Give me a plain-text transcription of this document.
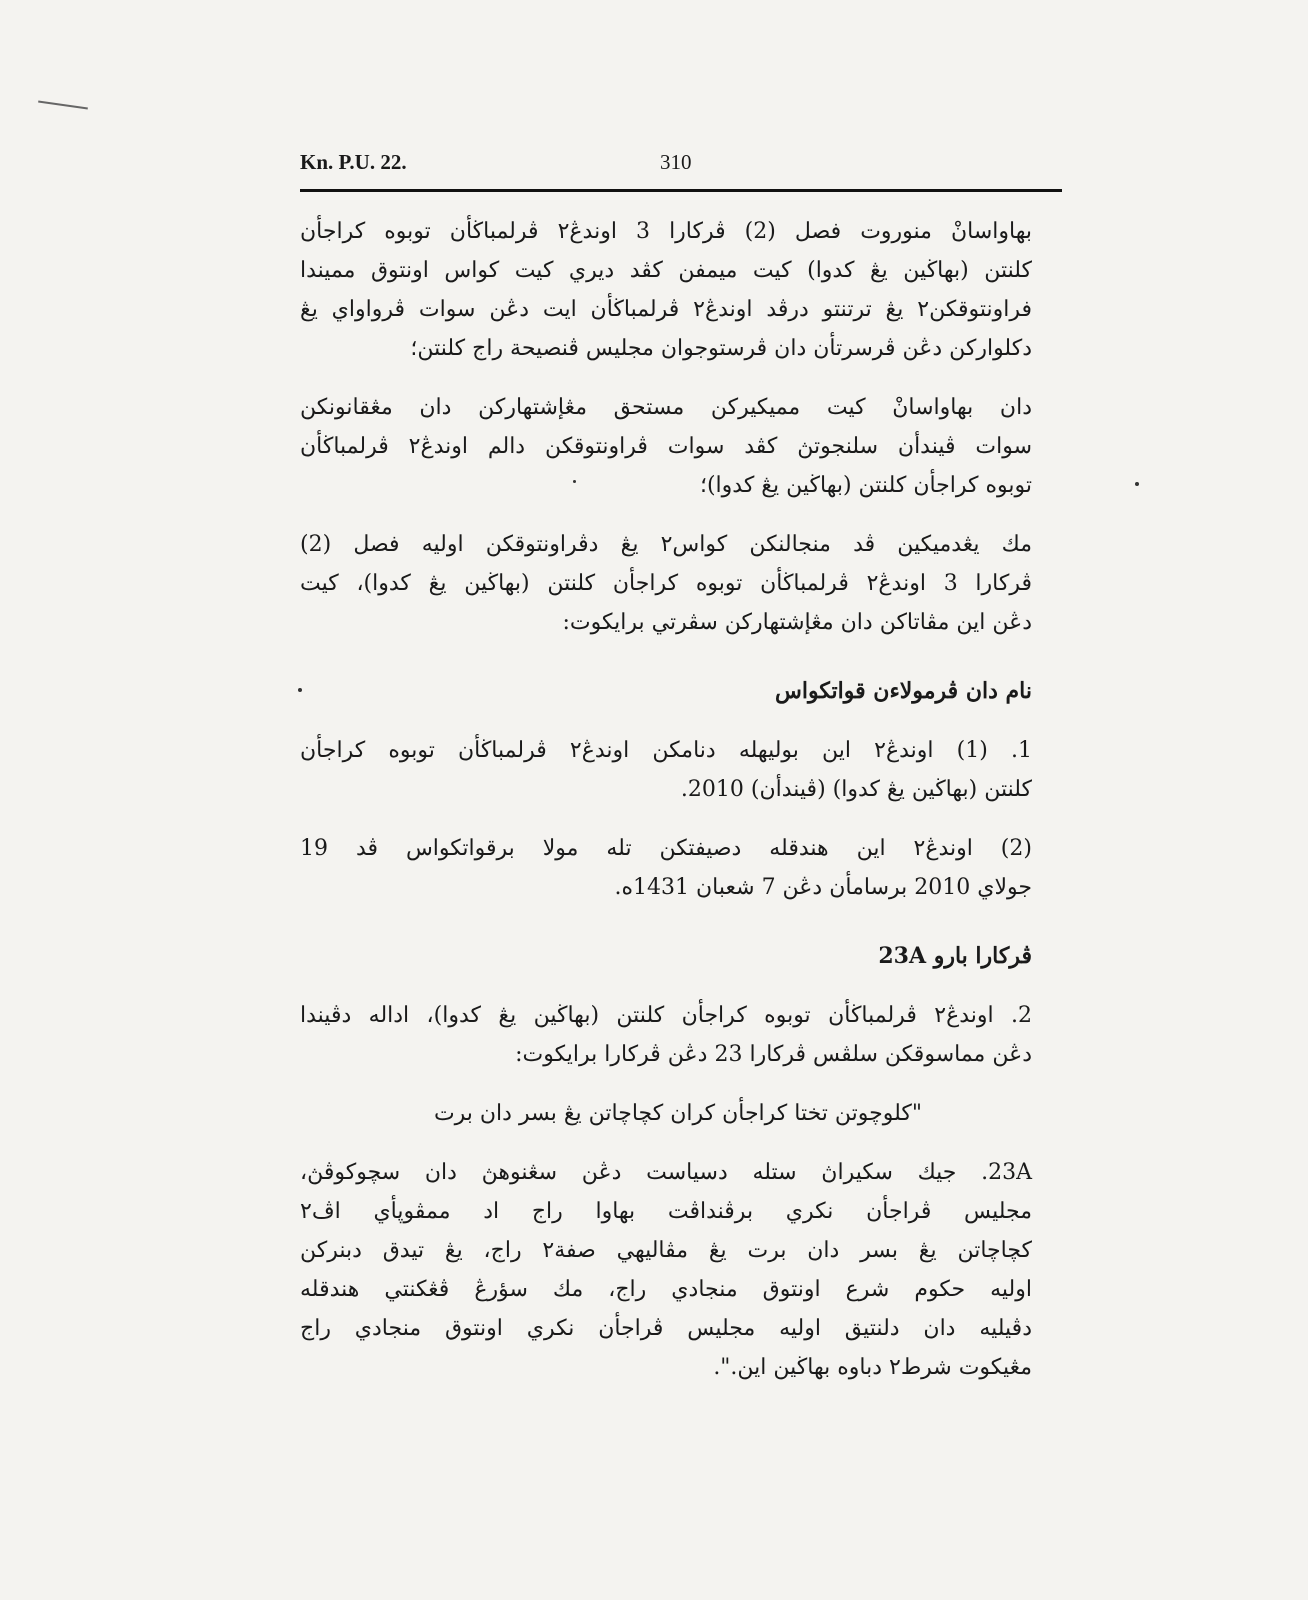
Kn. P.U. 22.	310

بهاواسانْ منوروت فصل (2) ڤركارا 3 اوندڠ٢ ڤرلمباڬأن توبوه كراجأن
كلنتن (بهاڬين يڠ كدوا) كيت ميمفن كڤد ديري كيت كواس اونتوق مميندا
فراونتوقكن٢ يڠ ترتنتو درڤد اوندڠ٢ ڤرلمباڬأن ايت دڠن سوات ڤرواواي يڠ
دكلواركن دڠن ڤرسرتأن دان ڤرستوجوان مجليس ڤنصيحة راج كلنتن؛

دان بهاواسانْ كيت مميكيركن مستحق مڠإشتهاركن دان مڠقانونكن
سوات ڤيندأن سلنجوتڽ كڤد سوات ڤراونتوقكن دالم اوندڠ٢ ڤرلمباڬأن
توبوه كراجأن كلنتن (بهاڬين يڠ كدوا)؛

مك يڠدميكين ڤد منجالنكن كواس٢ يڠ دڤراونتوقكن اوليه فصل (2)
ڤركارا 3 اوندڠ٢ ڤرلمباڬأن توبوه كراجأن كلنتن (بهاڬين يڠ كدوا)، كيت
دڠن اين مڤاتاكن دان مڠإشتهاركن سڤرتي برايكوت:

نام دان ڤرمولاءن قواتكواس

1. (1) اوندڠ٢ اين بوليهله دنامكن اوندڠ٢ ڤرلمباڬأن توبوه كراجأن
كلنتن (بهاڬين يڠ كدوا) (ڤيندأن) 2010.

(2) اوندڠ٢ اين هندقله دصيفتكن تله مولا برقواتكواس ڤد 19
جولاي 2010 برسامأن دڠن 7 شعبان 1431ه.

ڤركارا بارو 23A

2. اوندڠ٢ ڤرلمباڬأن توبوه كراجأن كلنتن (بهاڬين يڠ كدوا)، اداله دڤيندا
دڠن مماسوقكن سلڤس ڤركارا 23 دڠن ڤركارا برايكوت:

"كلوچوتن تختا كراجأن كران كچاچاتن يڠ بسر دان برت

23A. جيك سكيراڽ ستله دسياست دڠن سڠنوهڽ دان سچوكوڤڽ،
مجليس ڤراجأن نكري برڤنداڤت بهاوا راج اد ممڤوڽأي اڤ٢
كچاچاتن يڠ بسر دان برت يڠ مڤاليهي صفة٢ راج، يڠ تيدق دبنركن
اوليه حكوم شرع اونتوق منجادي راج، مك سؤرڠ ڤڠكنتي هندقله
دڤيليه دان دلنتيق اوليه مجليس ڤراجأن نكري اونتوق منجادي راج
مڠيكوت شرط٢ دباوه بهاڬين اين.".
